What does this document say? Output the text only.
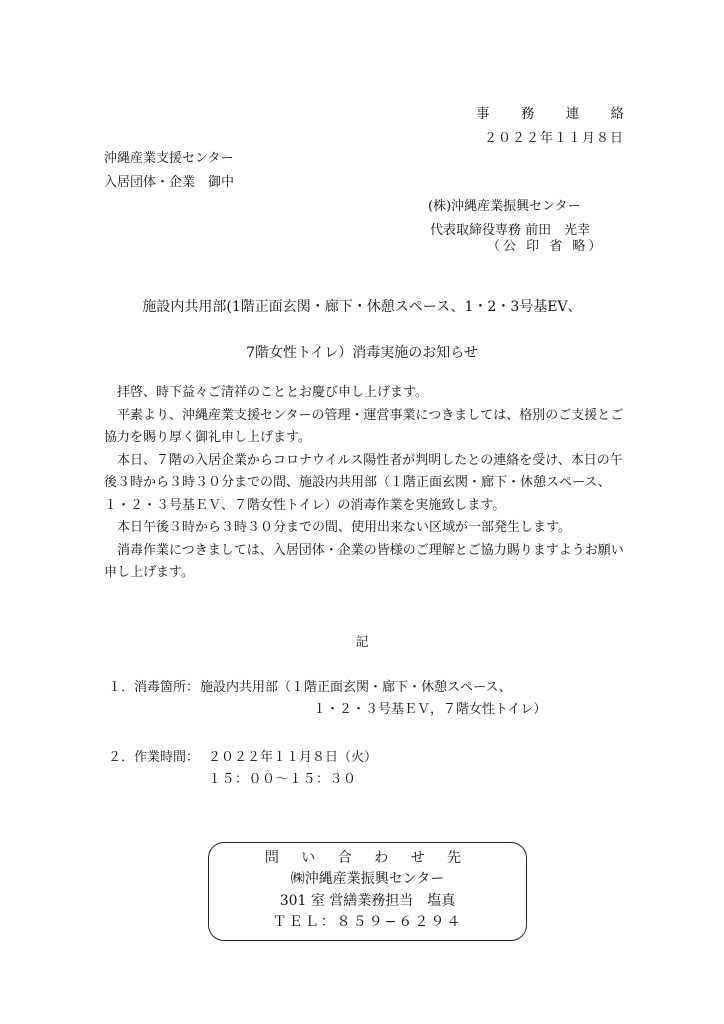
事 務 連 絡
２０２２年１１月８日
沖縄産業支援センター
入居団体・企業　御中
(株)沖縄産業振興センター
代表取締役専務 前田　光幸
（公 印 省 略）
施設内共用部(1階正面玄関・廊下・休憩スペース、1・2・3号基EV、
7階女性トイレ）消毒実施のお知らせ

拝啓、時下益々ご清祥のこととお慶び申し上げます。

平素より、沖縄産業支援センターの管理・運営事業につきましては、格別のご支援とご協力を賜り厚く御礼申し上げます。

本日、７階の入居企業からコロナウイルス陽性者が判明したとの連絡を受け、本日の午後３時から３時３０分までの間、施設内共用部（１階正面玄関・廊下・休憩スペース、１・２・３号基ＥＶ、７階女性トイレ）の消毒作業を実施致します。

本日午後３時から３時３０分までの間、使用出来ない区域が一部発生します。

消毒作業につきましては、入居団体・企業の皆様のご理解とご協力賜りますようお願い申し上げます。

記
１．消毒箇所： 施設内共用部（１階正面玄関・廊下・休憩スペース、
１・２・３号基ＥＶ，７階女性トイレ）
２．作業時間： ２０２２年１１月８日（火）
１５：００〜１５：３０
問 い 合 わ せ 先
㈱沖縄産業振興センター
301 室 営繕業務担当　塩真
ＴＥＬ：８５９−６２９４
